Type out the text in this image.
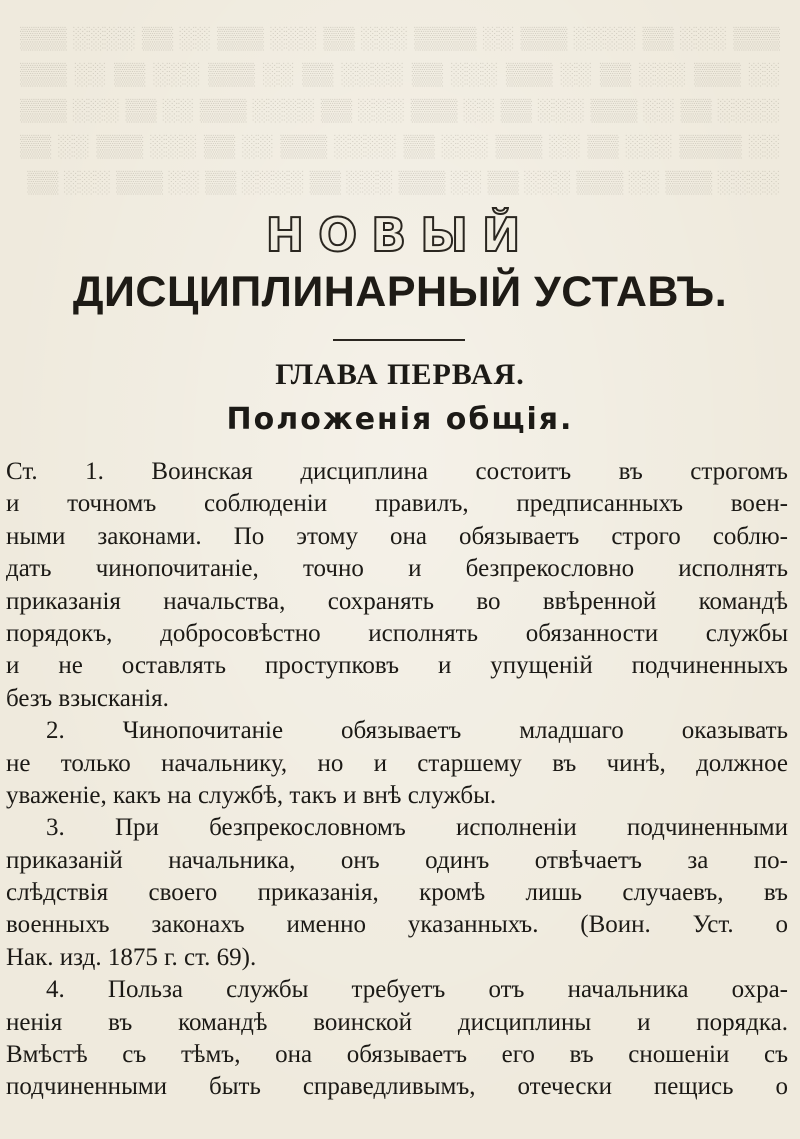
▒▒▒ ░░░ ▒▒ ░░░░ ▒▒▒ ░░ ▒▒▒▒ ░░░ ▒▒ ░░░ ▒▒▒ ░░ ▒▒ ░░░░ ▒▒▒ ░░ ▒▒▒ ░░░ ▒▒ ░░ ▒▒▒ ░░░ ▒▒ ░░░░ ▒▒ ░░ ▒▒▒ ░░░ ▒▒ ░░ ▒▒▒ ░░░░ ▒▒ ░░ ▒▒▒ ░░░ ▒▒ ░░ ▒▒▒ ░░░ ▒▒ ░░░░ ▒▒▒ ░░ ▒▒ ░░░ ▒▒▒ ░░ ▒▒▒▒ ░░░ ▒▒ ░░ ▒▒▒ ░░░ ▒▒ ░░░░ ▒▒▒ ░░ ▒▒ ░░░ ▒▒▒ ░░ ▒▒ ░░░░ ▒▒▒ ░░ ▒▒▒ ░░░ ▒▒ ░░ ▒▒▒ ░░░ ▒▒ ░░░░ ▒▒ ░░ ▒▒▒ ░░░ ▒▒
НОВЫЙ
ДИСЦИПЛИНАРНЫЙ УСТАВЪ.
ГЛАВА ПЕРВАЯ.
Положенія общія.
Ст. 1. Воинская дисциплина состоитъ въ строгомъ
и точномъ соблюденіи правилъ, предписанныхъ воен-
ными законами. По этому она обязываетъ строго соблю-
дать чинопочитаніе, точно и безпрекословно исполнять
приказанія начальства, сохранять во ввѣренной командѣ
порядокъ, добросовѣстно исполнять обязанности службы
и не оставлять проступковъ и упущеній подчиненныхъ
безъ взысканія.
2. Чинопочитаніе обязываетъ младшаго оказывать
не только начальнику, но и старшему въ чинѣ, должное
уваженіе, какъ на службѣ, такъ и внѣ службы.
3. При безпрекословномъ исполненіи подчиненными
приказаній начальника, онъ одинъ отвѣчаетъ за по-
слѣдствія своего приказанія, кромѣ лишь случаевъ, въ
военныхъ законахъ именно указанныхъ. (Воин. Уст. о
Нак. изд. 1875 г. ст. 69).
4. Польза службы требуетъ отъ начальника охра-
ненія въ командѣ воинской дисциплины и порядка.
Вмѣстѣ съ тѣмъ, она обязываетъ его въ сношеніи съ
подчиненными быть справедливымъ, отечески пещись о
